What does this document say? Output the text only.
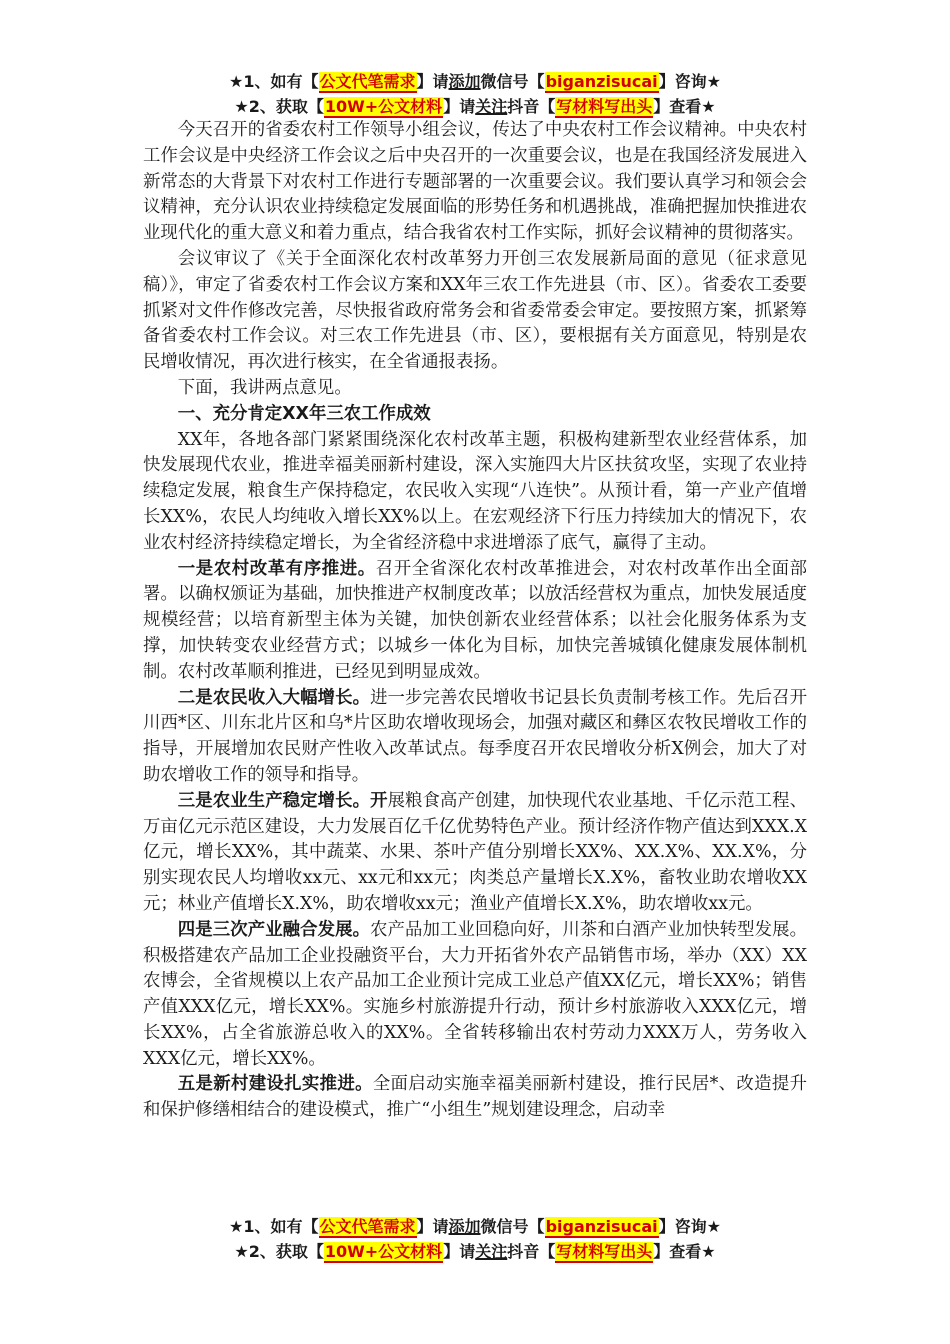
★1、如有【公文代笔需求】请添加微信号【biganzisucai】咨询★
★2、获取【10W+公文材料】请关注抖音【写材料写出头】查看★

今天召开的省委农村工作领导小组会议，传达了中央农村工作会议精神。中央农村工作会议是中央经济工作会议之后中央召开的一次重要会议，也是在我国经济发展进入新常态的大背景下对农村工作进行专题部署的一次重要会议。我们要认真学习和领会会议精神，充分认识农业持续稳定发展面临的形势任务和机遇挑战，准确把握加快推进农业现代化的重大意义和着力重点，结合我省农村工作实际，抓好会议精神的贯彻落实。

会议审议了《关于全面深化农村改革努力开创三农发展新局面的意见（征求意见稿）》，审定了省委农村工作会议方案和XX年三农工作先进县（市、区）。省委农工委要抓紧对文件作修改完善，尽快报省政府常务会和省委常委会审定。要按照方案，抓紧筹备省委农村工作会议。对三农工作先进县（市、区），要根据有关方面意见，特别是农民增收情况，再次进行核实，在全省通报表扬。

下面，我讲两点意见。

一、充分肯定XX年三农工作成效

XX年，各地各部门紧紧围绕深化农村改革主题，积极构建新型农业经营体系，加快发展现代农业，推进幸福美丽新村建设，深入实施四大片区扶贫攻坚，实现了农业持续稳定发展，粮食生产保持稳定，农民收入实现“八连快”。从预计看，第一产业产值增长XX%，农民人均纯收入增长XX%以上。在宏观经济下行压力持续加大的情况下，农业农村经济持续稳定增长，为全省经济稳中求进增添了底气，赢得了主动。

一是农村改革有序推进。召开全省深化农村改革推进会，对农村改革作出全面部署。以确权颁证为基础，加快推进产权制度改革；以放活经营权为重点，加快发展适度规模经营；以培育新型主体为关键，加快创新农业经营体系；以社会化服务体系为支撑，加快转变农业经营方式；以城乡一体化为目标，加快完善城镇化健康发展体制机制。农村改革顺利推进，已经见到明显成效。

二是农民收入大幅增长。进一步完善农民增收书记县长负责制考核工作。先后召开川西*区、川东北片区和乌*片区助农增收现场会，加强对藏区和彝区农牧民增收工作的指导，开展增加农民财产性收入改革试点。每季度召开农民增收分析X例会，加大了对助农增收工作的领导和指导。

三是农业生产稳定增长。开展粮食高产创建，加快现代农业基地、千亿示范工程、万亩亿元示范区建设，大力发展百亿千亿优势特色产业。预计经济作物产值达到XXX.X亿元，增长XX%，其中蔬菜、水果、茶叶产值分别增长XX%、XX.X%、XX.X%，分别实现农民人均增收xx元、xx元和xx元；肉类总产量增长X.X%，畜牧业助农增收XX元；林业产值增长X.X%，助农增收xx元；渔业产值增长X.X%，助农增收xx元。

四是三次产业融合发展。农产品加工业回稳向好，川茶和白酒产业加快转型发展。积极搭建农产品加工企业投融资平台，大力开拓省外农产品销售市场，举办（XX）XX农博会，全省规模以上农产品加工企业预计完成工业总产值XX亿元，增长XX%；销售产值XXX亿元，增长XX%。实施乡村旅游提升行动，预计乡村旅游收入XXX亿元，增长XX%，占全省旅游总收入的XX%。全省转移输出农村劳动力XXX万人，劳务收入XXX亿元，增长XX%。

五是新村建设扎实推进。全面启动实施幸福美丽新村建设，推行民居*、改造提升和保护修缮相结合的建设模式，推广“小组生”规划建设理念，启动幸

★1、如有【公文代笔需求】请添加微信号【biganzisucai】咨询★
★2、获取【10W+公文材料】请关注抖音【写材料写出头】查看★
